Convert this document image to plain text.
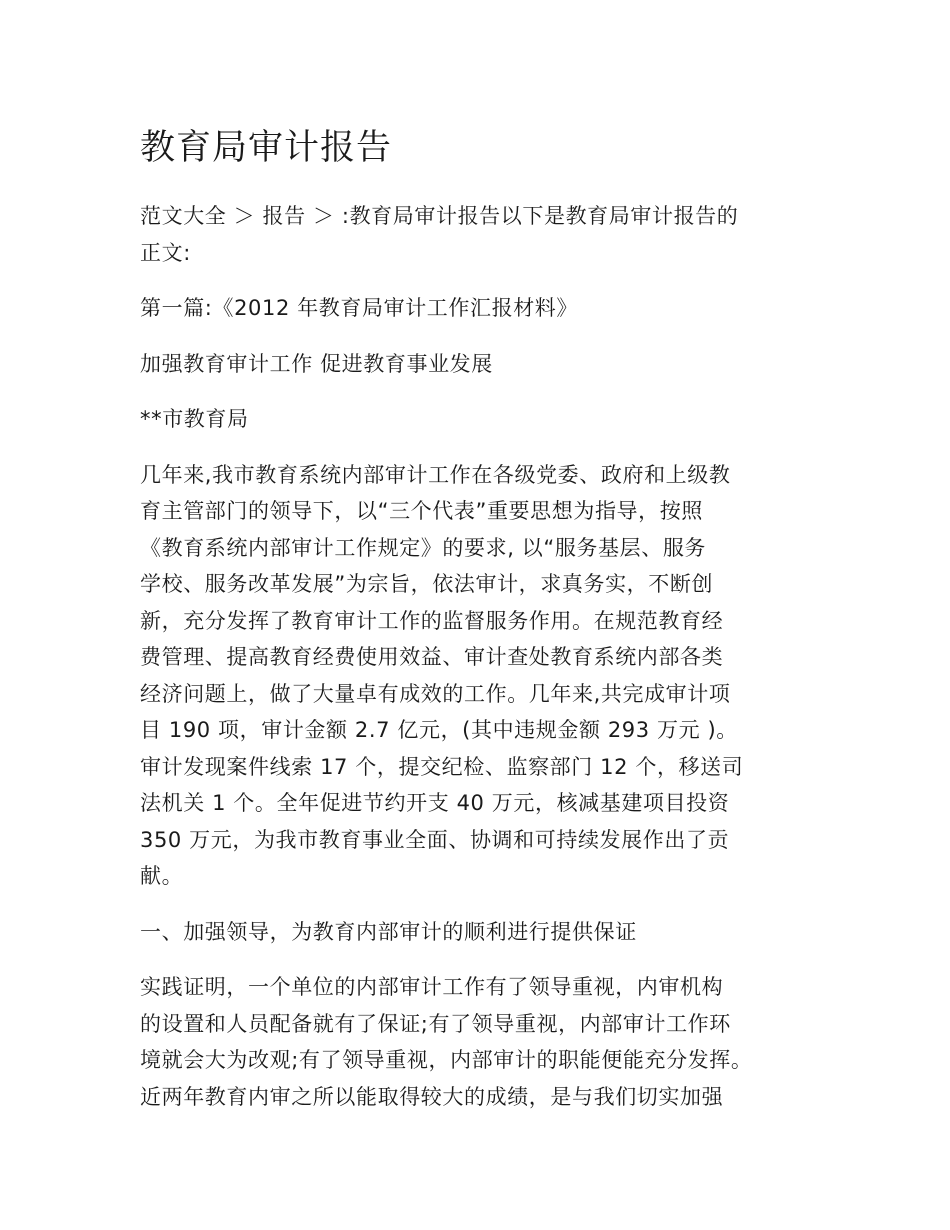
教育局审计报告

范文大全 ＞ 报告 ＞ :教育局审计报告以下是教育局审计报告的
正文:

第一篇:《2012 年教育局审计工作汇报材料》

加强教育审计工作 促进教育事业发展

**市教育局

几年来,我市教育系统内部审计工作在各级党委、政府和上级教
育主管部门的领导下，以“三个代表”重要思想为指导，按照
《教育系统内部审计工作规定》的要求, 以“服务基层、服务
学校、服务改革发展”为宗旨，依法审计，求真务实，不断创
新，充分发挥了教育审计工作的监督服务作用。在规范教育经
费管理、提高教育经费使用效益、审计查处教育系统内部各类
经济问题上，做了大量卓有成效的工作。几年来,共完成审计项
目 190 项，审计金额 2.7 亿元，(其中违规金额 293 万元 )。
审计发现案件线索 17 个，提交纪检、监察部门 12 个，移送司
法机关 1 个。全年促进节约开支 40 万元，核减基建项目投资
350 万元，为我市教育事业全面、协调和可持续发展作出了贡
献。

一、加强领导，为教育内部审计的顺利进行提供保证

实践证明，一个单位的内部审计工作有了领导重视，内审机构
的设置和人员配备就有了保证;有了领导重视，内部审计工作环
境就会大为改观;有了领导重视，内部审计的职能便能充分发挥。
近两年教育内审之所以能取得较大的成绩，是与我们切实加强
